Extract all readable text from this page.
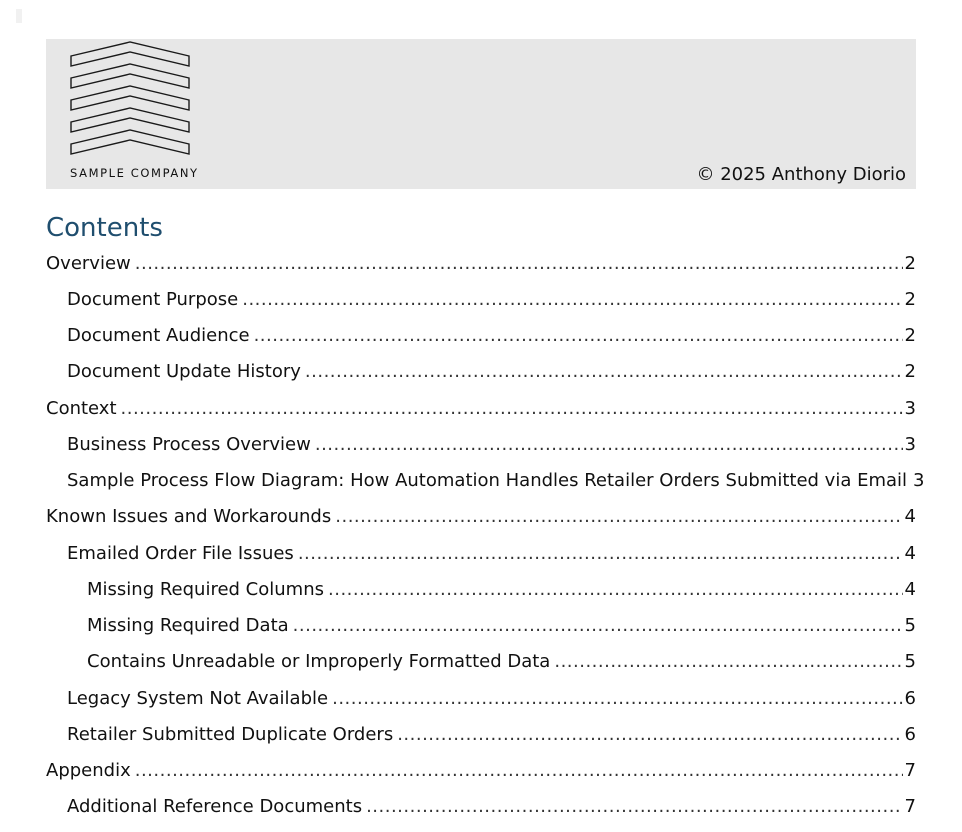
SAMPLE COMPANY	© 2025 Anthony Diorio
Contents
Overview .....	2
Document Purpose .....	2
Document Audience .....	2
Document Update History .....	2
Context .....	3
Business Process Overview .....	3
Sample Process Flow Diagram: How Automation Handles Retailer Orders Submitted via Email 3
Known Issues and Workarounds .....	4
Emailed Order File Issues .....	4
Missing Required Columns .....	4
Missing Required Data .....	5
Contains Unreadable or Improperly Formatted Data .....	5
Legacy System Not Available .....	6
Retailer Submitted Duplicate Orders .....	6
Appendix .....	7
Additional Reference Documents .....	7
